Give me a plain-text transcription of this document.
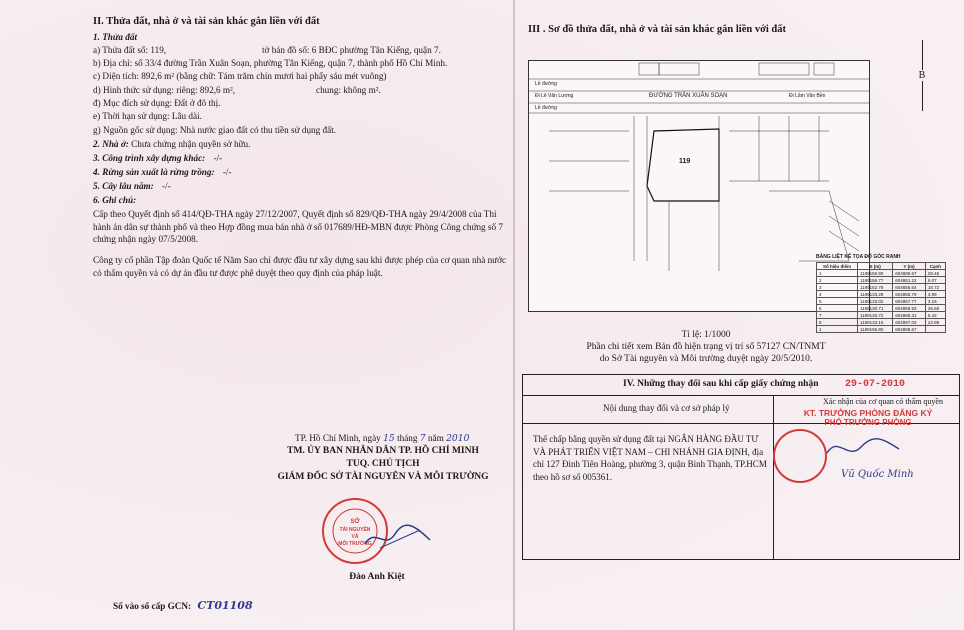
II. Thửa đất, nhà ở và tài sản khác gắn liền với đất
1. Thửa đất
a) Thửa đất số: 119,	tờ bản đồ số: 6 BĐC phường Tân Kiểng, quận 7.
b) Địa chỉ: số 33/4 đường Trần Xuân Soạn, phường Tân Kiểng, quận 7, thành phố Hồ Chí Minh.
c) Diện tích: 892,6 m² (bằng chữ: Tám trăm chín mươi hai phẩy sáu mét vuông)
d) Hình thức sử dụng: riêng: 892,6 m²,	chung: không m².
đ) Mục đích sử dụng: Đất ở đô thị.
e) Thời hạn sử dụng: Lâu dài.
g) Nguồn gốc sử dụng: Nhà nước giao đất có thu tiền sử dụng đất.
2. Nhà ở: Chưa chứng nhận quyền sở hữu.
3. Công trình xây dựng khác: -/-
4. Rừng sản xuất là rừng trồng: -/-
5. Cây lâu năm: -/-
6. Ghi chú:
Cấp theo Quyết định số 414/QĐ-THA ngày 27/12/2007, Quyết định số 829/QĐ-THA ngày 29/4/2008 của Thi hành án dân sự thành phố và theo Hợp đồng mua bán nhà ở số 017689/HĐ-MBN được Phòng Công chứng số 7 chứng nhận ngày 07/5/2008.
Công ty cổ phần Tập đoàn Quốc tế Năm Sao chỉ được đầu tư xây dựng sau khi được phép của cơ quan nhà nước có thẩm quyền và có dự án đầu tư được phê duyệt theo quy định của pháp luật.
TP. Hồ Chí Minh, ngày 15 tháng 7 năm 2010
TM. ỦY BAN NHÂN DÂN TP. HỒ CHÍ MINH
TUQ. CHỦ TỊCH
GIÁM ĐỐC SỞ TÀI NGUYÊN VÀ MÔI TRƯỜNG
SỞ
TÀI NGUYÊN
VÀ
MÔI TRƯỜNG
Đào Anh Kiệt
Số vào sổ cấp GCN: CT01108
III . Sơ đồ thửa đất, nhà ở và tài sản khác gắn liền với đất
ĐƯỜNG TRẦN XUÂN SOẠN
Đi Lê Văn Lương	Đi Lâm Văn Bền
Lề đường
Lề đường
119
B
BẢNG LIỆT KÊ TỌA ĐỘ GÓC RANH
Số hiệu điểm	X (m)	Y (m)	Cạnh
1	1189156.90	604889.67	28.45
2	1189156.77	604861.22	6.07
3	1189152.78	604856.64	18.72
4	1189133.28	604855.79	3.99
5	1189133.02	604857.77	3.16
6	1189130.71	604859.93	26.68
7	1189126.72	604886.31	6.42
8	1189133.15	604887.03	23.98
1	1189156.90	604889.67	
Tỉ lệ: 1/1000
Phần chi tiết xem Bản đồ hiện trạng vị trí số 57127 CN/TNMT
do Sở Tài nguyên và Môi trường duyệt ngày 20/5/2010.
IV. Những thay đổi sau khi cấp giấy chứng nhận	29-07-2010
Nội dung thay đổi và cơ sở pháp lý
Xác nhận của cơ quan có thẩm quyền
KT. TRƯỞNG PHÒNG ĐĂNG KÝ
PHÓ TRƯỞNG PHÒNG
Thế chấp bằng quyền sử dụng đất tại NGÂN HÀNG ĐẦU TƯ VÀ PHÁT TRIỂN VIỆT NAM – CHI NHÁNH GIA ĐỊNH, địa chỉ 127 Đinh Tiên Hoàng, phường 3, quận Bình Thạnh, TP.HCM theo hồ sơ số 005361.	Vũ Quốc Minh
